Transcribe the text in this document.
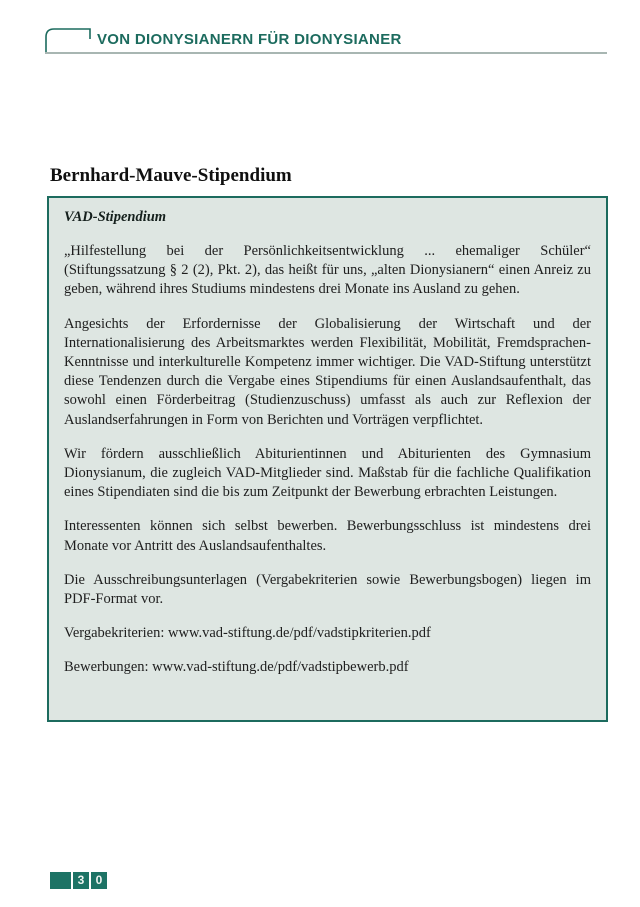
VON DIONYSIANERN FÜR DIONYSIANER
Bernhard-Mauve-Stipendium
VAD-Stipendium

„Hilfestellung bei der Persönlichkeitsentwicklung ... ehemaliger Schüler“ (Stiftungssatzung § 2 (2), Pkt. 2), das heißt für uns, „alten Dionysianern“ einen Anreiz zu geben, während ihres Studiums mindestens drei Monate ins Ausland zu gehen.

Angesichts der Erfordernisse der Globalisierung der Wirtschaft und der Internationalisierung des Arbeitsmarktes werden Flexibilität, Mobilität, Fremdsprachen-Kenntnisse und interkulturelle Kompetenz immer wichtiger. Die VAD-Stiftung unterstützt diese Tendenzen durch die Vergabe eines Stipendiums für einen Auslandsaufenthalt, das sowohl einen Förderbeitrag (Studienzuschuss) umfasst als auch zur Reflexion der Auslandserfahrungen in Form von Berichten und Vorträgen verpflichtet.

Wir fördern ausschließlich Abiturientinnen und Abiturienten des Gymnasium Dionysianum, die zugleich VAD-Mitglieder sind. Maßstab für die fachliche Qualifikation eines Stipendiaten sind die bis zum Zeitpunkt der Bewerbung erbrachten Leistungen.

Interessenten können sich selbst bewerben. Bewerbungsschluss ist mindestens drei Monate vor Antritt des Auslandsaufenthaltes.

Die Ausschreibungsunterlagen (Vergabekriterien sowie Bewerbungsbogen) liegen im PDF-Format vor.

Vergabekriterien: www.vad-stiftung.de/pdf/vadstipkriterien.pdf

Bewerbungen: www.vad-stiftung.de/pdf/vadstipbewerb.pdf

3 0
